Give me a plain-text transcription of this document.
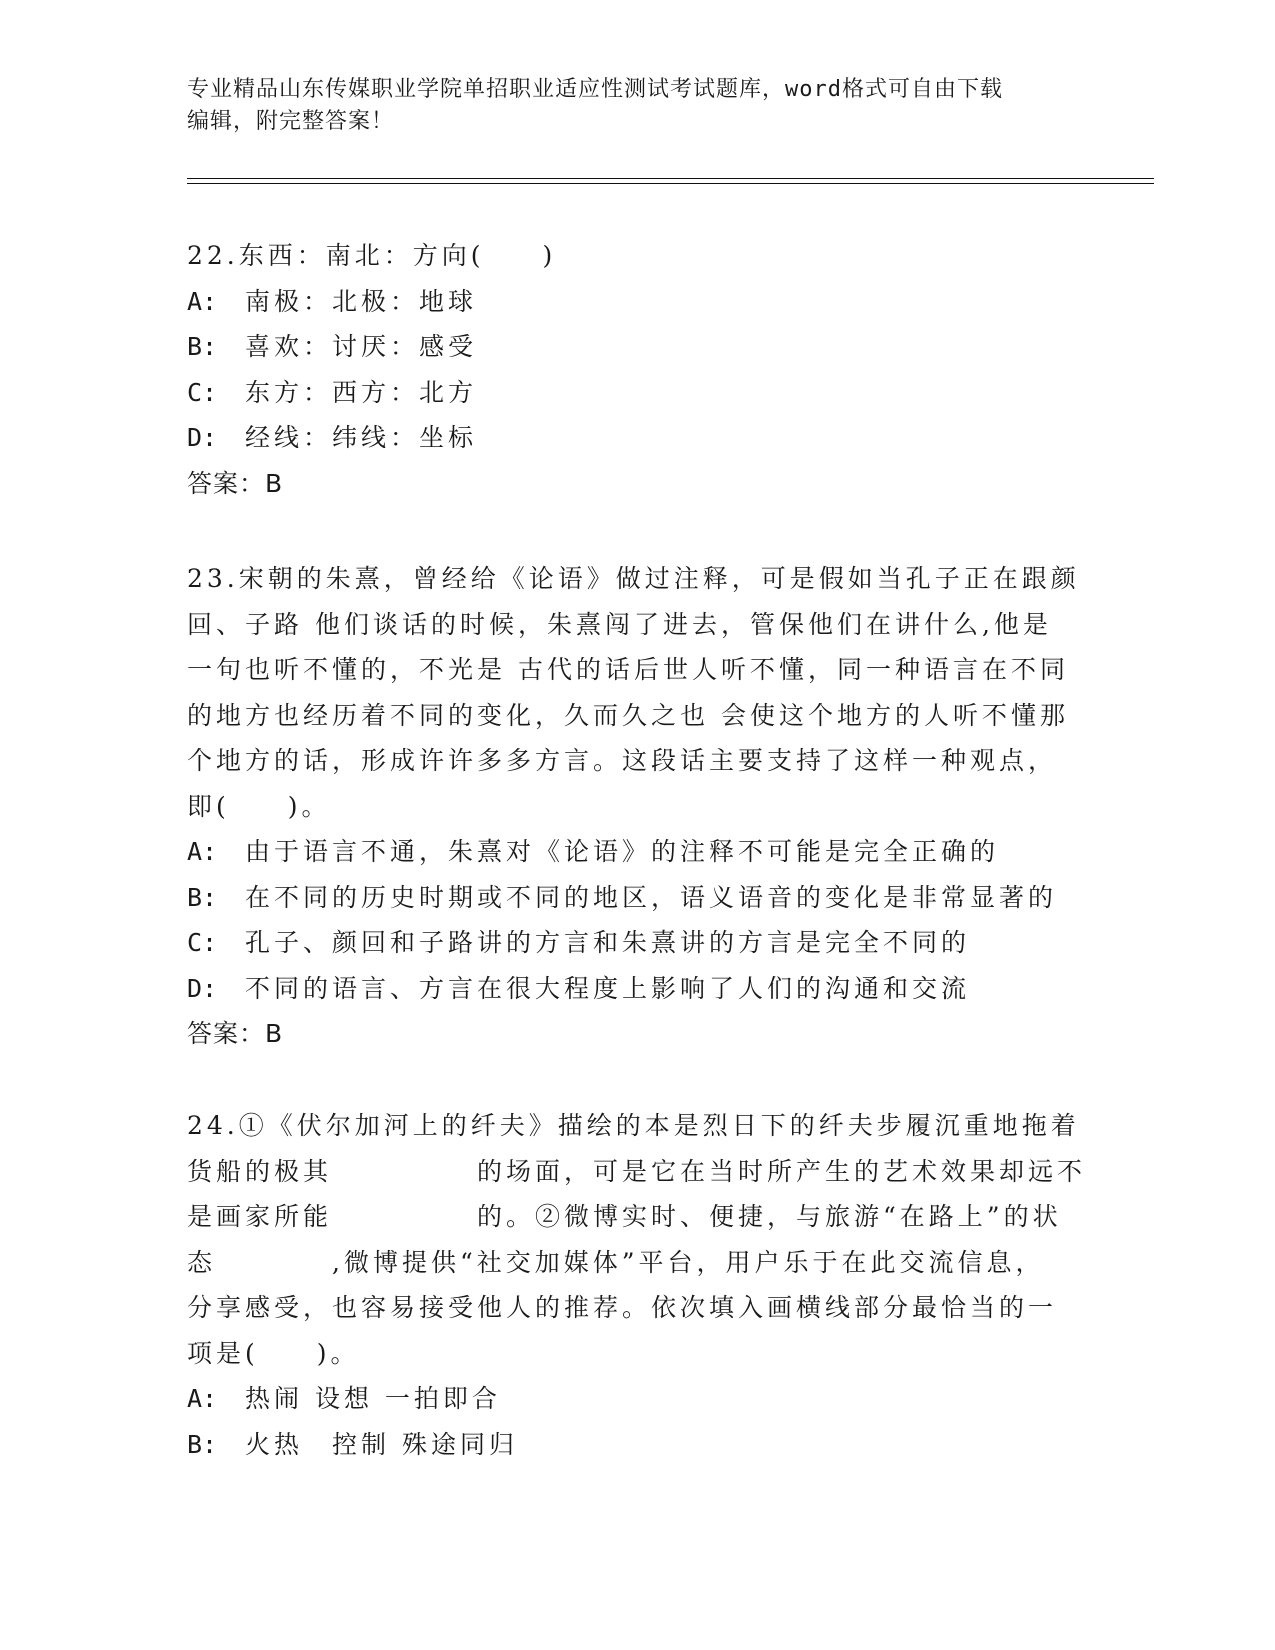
专业精品山东传媒职业学院单招职业适应性测试考试题库，word格式可自由下载
编辑，附完整答案！
22.东西：南北：方向(　　)
A: 南极：北极：地球
B: 喜欢：讨厌：感受
C: 东方：西方：北方
D: 经线：纬线：坐标
答案：B
23.宋朝的朱熹，曾经给《论语》做过注释，可是假如当孔子正在跟颜
回、子路 他们谈话的时候，朱熹闯了进去，管保他们在讲什么,他是
一句也听不懂的，不光是 古代的话后世人听不懂，同一种语言在不同
的地方也经历着不同的变化，久而久之也 会使这个地方的人听不懂那
个地方的话，形成许许多多方言。这段话主要支持了这样一种观点，
即(　　)。
A: 由于语言不通，朱熹对《论语》的注释不可能是完全正确的
B: 在不同的历史时期或不同的地区，语义语音的变化是非常显著的
C: 孔子、颜回和子路讲的方言和朱熹讲的方言是完全不同的
D: 不同的语言、方言在很大程度上影响了人们的沟通和交流
答案：B
24.①《伏尔加河上的纤夫》描绘的本是烈日下的纤夫步履沉重地拖着
货船的极其　　　　　的场面，可是它在当时所产生的艺术效果却远不
是画家所能　　　　　的。②微博实时、便捷，与旅游“在路上”的状
态　　　　,微博提供“社交加媒体”平台，用户乐于在此交流信息，
分享感受，也容易接受他人的推荐。依次填入画横线部分最恰当的一
项是(　　)。
A: 热闹 设想 一拍即合
B: 火热　控制 殊途同归
